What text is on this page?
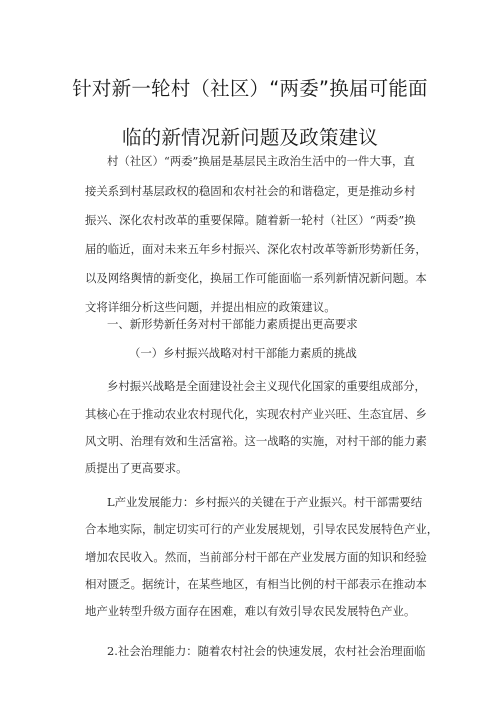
针对新一轮村（社区）“两委”换届可能面
临的新情况新问题及政策建议
村（社区）“两委”换届是基层民主政治生活中的一件大事，直
接关系到村基层政权的稳固和农村社会的和谐稳定，更是推动乡村
振兴、深化农村改革的重要保障。随着新一轮村（社区）“两委”换
届的临近，面对未来五年乡村振兴、深化农村改革等新形势新任务，
以及网络舆情的新变化，换届工作可能面临一系列新情况新问题。本
文将详细分析这些问题，并提出相应的政策建议。
一、新形势新任务对村干部能力素质提出更高要求
（一）乡村振兴战略对村干部能力素质的挑战
乡村振兴战略是全面建设社会主义现代化国家的重要组成部分，
其核心在于推动农业农村现代化，实现农村产业兴旺、生态宜居、乡
风文明、治理有效和生活富裕。这一战略的实施，对村干部的能力素
质提出了更高要求。
L产业发展能力：乡村振兴的关键在于产业振兴。村干部需要结
合本地实际，制定切实可行的产业发展规划，引导农民发展特色产业，
增加农民收入。然而，当前部分村干部在产业发展方面的知识和经验
相对匮乏。据统计，在某些地区，有相当比例的村干部表示在推动本
地产业转型升级方面存在困难，难以有效引导农民发展特色产业。
2.社会治理能力：随着农村社会的快速发展，农村社会治理面临
